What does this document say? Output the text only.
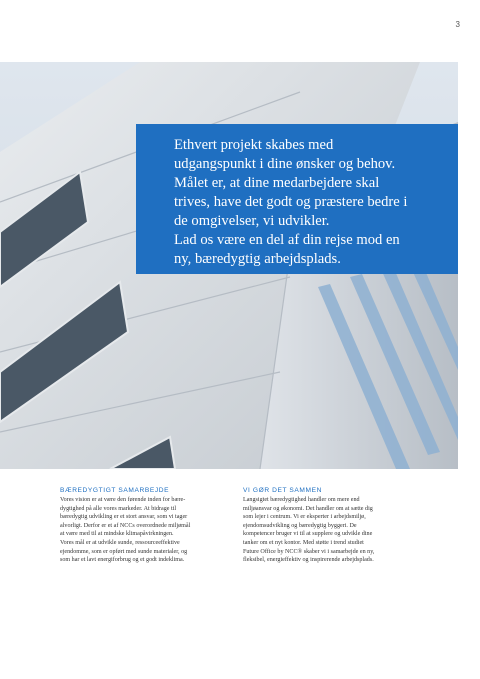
3
Ethvert projekt skabes med
udgangspunkt i dine ønsker og behov.
Målet er, at dine medarbejdere skal
trives, have det godt og præstere bedre i
de omgivelser, vi udvikler.
Lad os være en del af din rejse mod en
ny, bæredygtig arbejdsplads.
BÆREDYGTIGT SAMARBEJDE
Vores vision er at være den førende inden for bære-
dygtighed på alle vores markeder. At bidrage til
bæredygtig udvikling er et stort ansvar, som vi tager
alvorligt. Derfor er et af NCCs overordnede miljømål
at være med til at mindske klimapåvirkningen.
Vores mål er at udvikle sunde, ressourceeffektive
ejendomme, som er opført med sunde materialer, og
som har et lavt energiforbrug og et godt indeklima.
VI GØR DET SAMMEN
Langsigtet bæredygtighed handler om mere end
miljøansvar og økonomi. Det handler om at sætte dig
som lejer i centrum. Vi er eksperter i arbejdsmiljø,
ejendomsudvikling og bæredygtig byggeri. De
kompetencer bruger vi til at supplere og udvikle dine
tanker om et nyt kontor. Med støtte i trend studiet
Future Office by NCC® skaber vi i samarbejde en ny,
fleksibel, energieffektiv og inspirerende arbejdsplads.
